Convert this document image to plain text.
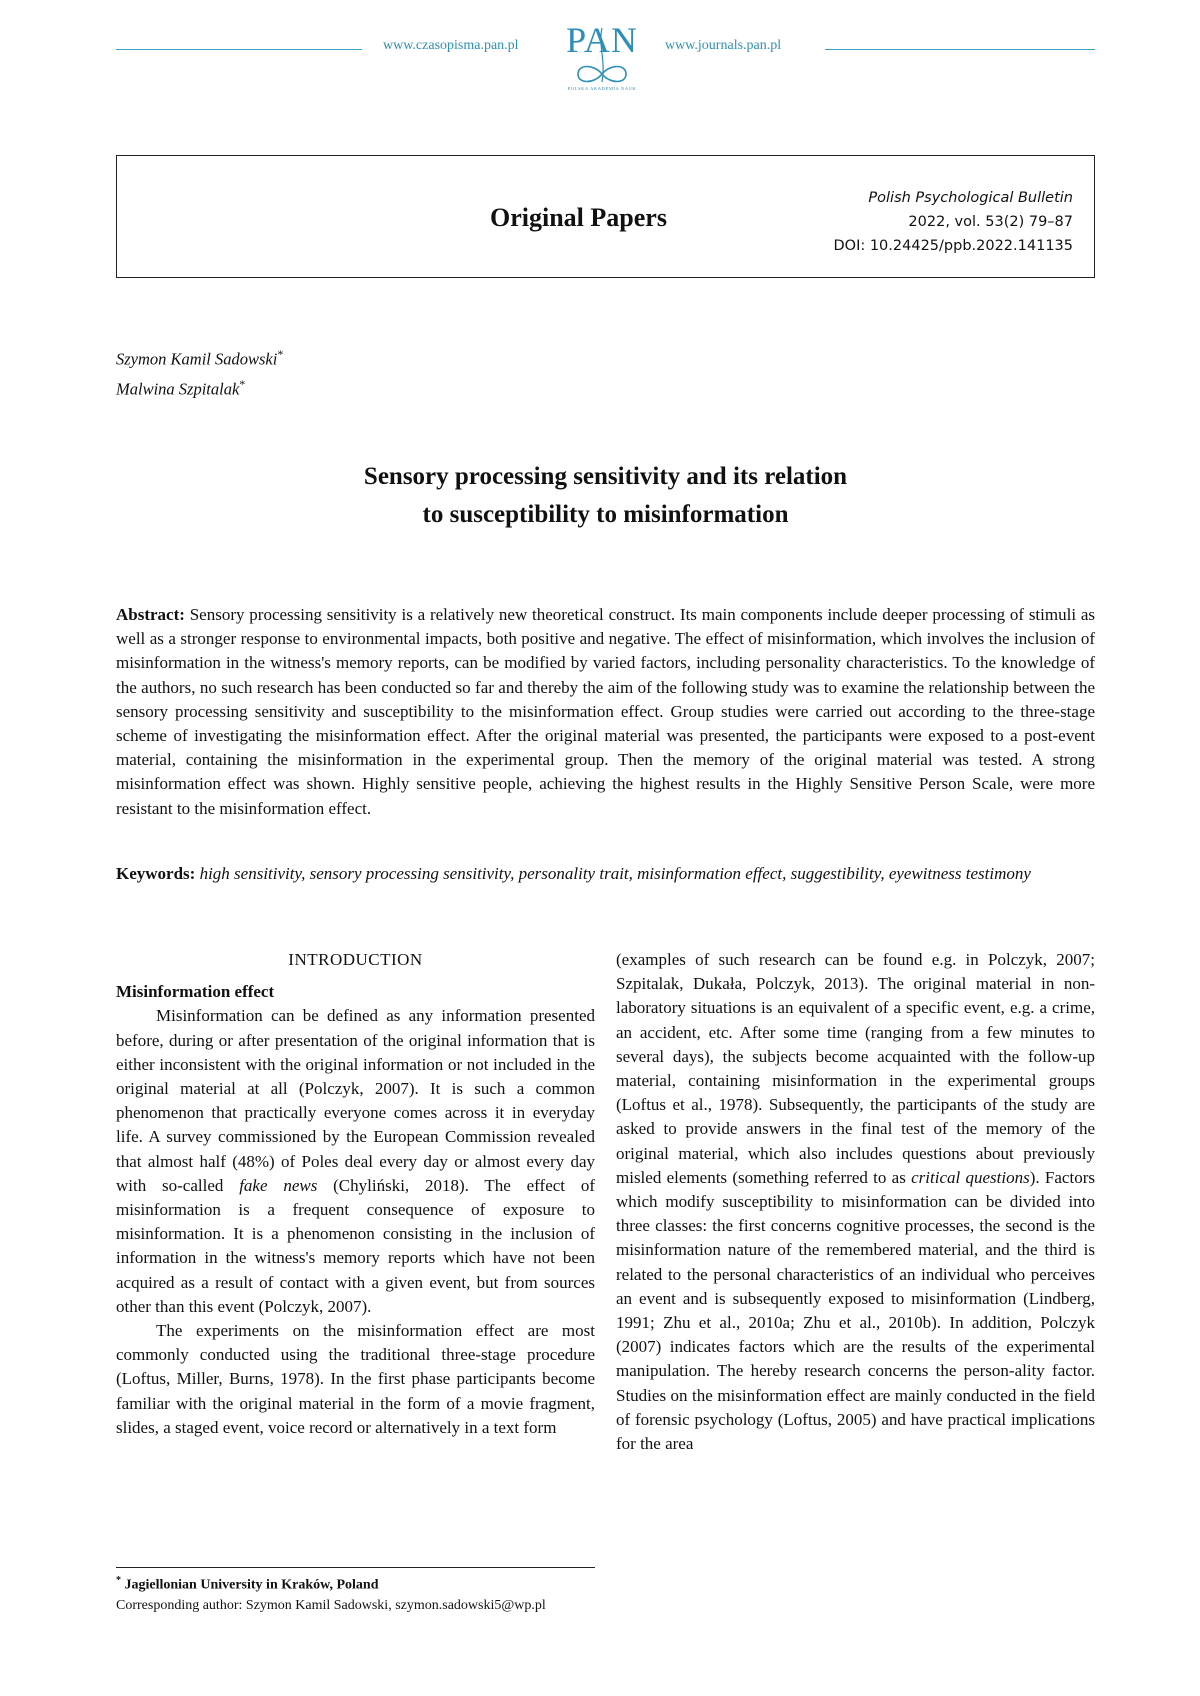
www.czasopisma.pan.pl PAN
POLSKA AKADEMIA NAUK
www.journals.pan.pl
Original Papers
Polish Psychological Bulletin
2022, vol. 53(2) 79–87
DOI: 10.24425/ppb.2022.141135
Szymon Kamil Sadowski*
Malwina Szpitalak*
Sensory processing sensitivity and its relation
to susceptibility to misinformation
Abstract: Sensory processing sensitivity is a relatively new theoretical construct. Its main components include deeper processing of stimuli as well as a stronger response to environmental impacts, both positive and negative. The effect of misinformation, which involves the inclusion of misinformation in the witness's memory reports, can be modified by varied factors, including personality characteristics. To the knowledge of the authors, no such research has been conducted so far and thereby the aim of the following study was to examine the relationship between the sensory processing sensitivity and susceptibility to the misinformation effect. Group studies were carried out according to the three-stage scheme of investigating the misinformation effect. After the original material was presented, the participants were exposed to a post-event material, containing the misinformation in the experimental group. Then the memory of the original material was tested. A strong misinformation effect was shown. Highly sensitive people, achieving the highest results in the Highly Sensitive Person Scale, were more resistant to the misinformation effect.
Keywords: high sensitivity, sensory processing sensitivity, personality trait, misinformation effect, suggestibility, eyewitness testimony
INTRODUCTION
Misinformation effect

Misinformation can be defined as any information presented before, during or after presentation of the original information that is either inconsistent with the original information or not included in the original material at all (Polczyk, 2007). It is such a common phenomenon that practically everyone comes across it in everyday life. A survey commissioned by the European Commission revealed that almost half (48%) of Poles deal every day or almost every day with so-called fake news (Chyliński, 2018). The effect of misinformation is a frequent consequence of exposure to misinformation. It is a phenomenon consisting in the inclusion of information in the witness's memory reports which have not been acquired as a result of contact with a given event, but from sources other than this event (Polczyk, 2007).

The experiments on the misinformation effect are most commonly conducted using the traditional three-stage procedure (Loftus, Miller, Burns, 1978). In the first phase participants become familiar with the original material in the form of a movie fragment, slides, a staged event, voice record or alternatively in a text form

(examples of such research can be found e.g. in Polczyk, 2007; Szpitalak, Dukała, Polczyk, 2013). The original material in non-laboratory situations is an equivalent of a specific event, e.g. a crime, an accident, etc. After some time (ranging from a few minutes to several days), the subjects become acquainted with the follow-up material, containing misinformation in the experimental groups (Loftus et al., 1978). Subsequently, the participants of the study are asked to provide answers in the final test of the memory of the original material, which also includes questions about previously misled elements (something referred to as critical questions). Factors which modify susceptibility to misinformation can be divided into three classes: the first concerns cognitive processes, the second is the misinformation nature of the remembered material, and the third is related to the personal characteristics of an individual who perceives an event and is subsequently exposed to misinformation (Lindberg, 1991; Zhu et al., 2010a; Zhu et al., 2010b). In addition, Polczyk (2007) indicates factors which are the results of the experimental manipulation. The hereby research concerns the person-ality factor. Studies on the misinformation effect are mainly conducted in the field of forensic psychology (Loftus, 2005) and have practical implications for the area

* Jagiellonian University in Kraków, Poland
Corresponding author: Szymon Kamil Sadowski, szymon.sadowski5@wp.pl
